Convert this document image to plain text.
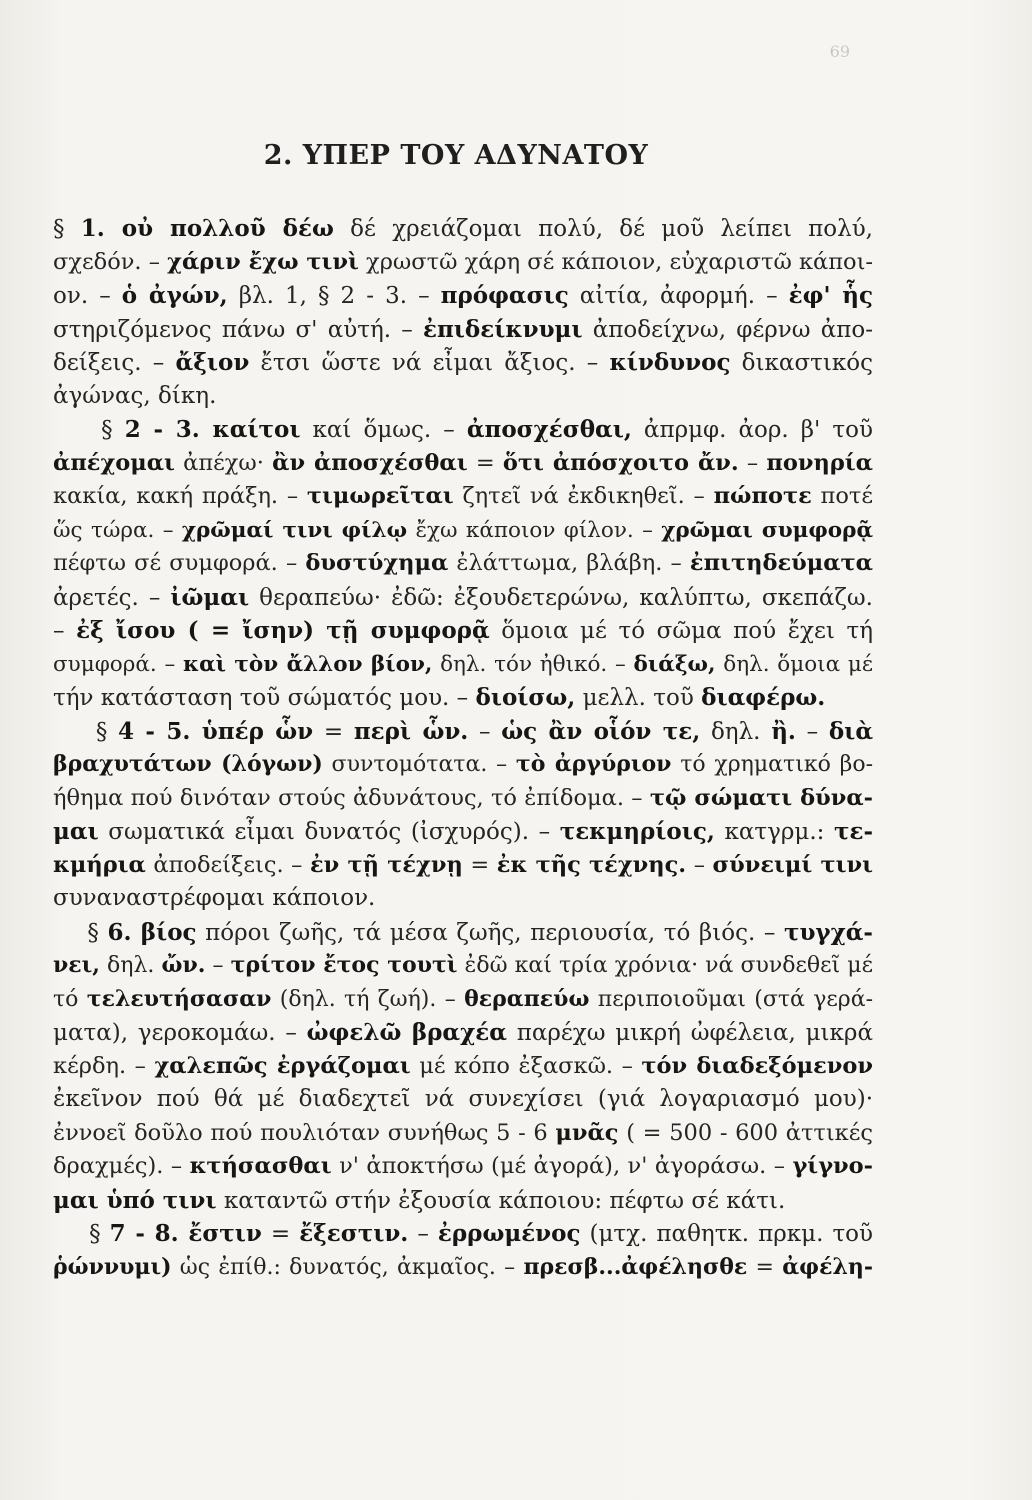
69
2. ΥΠΕΡ ΤΟΥ ΑΔΥΝΑΤΟΥ
§ 1. οὐ πολλοῦ δέω δέ χρειάζομαι πολύ, δέ μοῦ λείπει πολύ,
σχεδόν. – χάριν ἔχω τινὶ χρωστῶ χάρη σέ κάποιον, εὐχαριστῶ κάποι-
ον. – ὁ ἀγών, βλ. 1, § 2 - 3. – πρόφασις αἰτία, ἀφορμή. – ἐφ' ἧς
στηριζόμενος πάνω σ' αὐτή. – ἐπιδείκνυμι ἀποδείχνω, φέρνω ἀπο-
δείξεις. – ἄξιον ἔτσι ὥστε νά εἶμαι ἄξιος. – κίνδυνος δικαστικός
ἀγώνας, δίκη.
§ 2 - 3. καίτοι καί ὅμως. – ἀποσχέσθαι, ἀπρμφ. ἀορ. β' τοῦ
ἀπέχομαι ἀπέχω· ἂν ἀποσχέσθαι = ὅτι ἀπόσχοιτο ἄν. – πονηρία
κακία, κακή πράξη. – τιμωρεῖται ζητεῖ νά ἐκδικηθεῖ. – πώποτε ποτέ
ὥς τώρα. – χρῶμαί τινι φίλῳ ἔχω κάποιον φίλον. – χρῶμαι συμφορᾷ
πέφτω σέ συμφορά. – δυστύχημα ἐλάττωμα, βλάβη. – ἐπιτηδεύματα
ἀρετές. – ἰῶμαι θεραπεύω· ἐδῶ: ἐξουδετερώνω, καλύπτω, σκεπάζω.
– ἐξ ἴσου ( = ἴσην) τῇ συμφορᾷ ὅμοια μέ τό σῶμα πού ἔχει τή
συμφορά. – καὶ τὸν ἄλλον βίον, δηλ. τόν ἠθικό. – διάξω, δηλ. ὅμοια μέ
τήν κατάσταση τοῦ σώματός μου. – διοίσω, μελλ. τοῦ διαφέρω.
§ 4 - 5. ὑπέρ ὧν = περὶ ὧν. – ὡς ἂν οἷόν τε, δηλ. ἢ. – διὰ
βραχυτάτων (λόγων) συντομότατα. – τὸ ἀργύριον τό χρηματικό βο-
ήθημα πού δινόταν στούς ἀδυνάτους, τό ἐπίδομα. – τῷ σώματι δύνα-
μαι σωματικά εἶμαι δυνατός (ἰσχυρός). – τεκμηρίοις, κατγρμ.: τε-
κμήρια ἀποδείξεις. – ἐν τῇ τέχνῃ = ἐκ τῆς τέχνης. – σύνειμί τινι
συναναστρέφομαι κάποιον.
§ 6. βίος πόροι ζωῆς, τά μέσα ζωῆς, περιουσία, τό βιός. – τυγχά-
νει, δηλ. ὤν. – τρίτον ἔτος τουτὶ ἐδῶ καί τρία χρόνια· νά συνδεθεῖ μέ
τό τελευτήσασαν (δηλ. τή ζωή). – θεραπεύω περιποιοῦμαι (στά γερά-
ματα), γεροκομάω. – ὠφελῶ βραχέα παρέχω μικρή ὠφέλεια, μικρά
κέρδη. – χαλεπῶς ἐργάζομαι μέ κόπο ἐξασκῶ. – τόν διαδεξόμενον
ἐκεῖνον πού θά μέ διαδεχτεῖ νά συνεχίσει (γιά λογαριασμό μου)·
ἐννοεῖ δοῦλο πού πουλιόταν συνήθως 5 - 6 μνᾶς ( = 500 - 600 ἀττικές
δραχμές). – κτήσασθαι ν' ἀποκτήσω (μέ ἀγορά), ν' ἀγοράσω. – γίγνο-
μαι ὑπό τινι καταντῶ στήν ἐξουσία κάποιου: πέφτω σέ κάτι.
§ 7 - 8. ἔστιν = ἔξεστιν. – ἐρρωμένος (μτχ. παθητκ. πρκμ. τοῦ
ῥώννυμι) ὡς ἐπίθ.: δυνατός, ἀκμαῖος. – πρεσβ...ἀφέλησθε = ἀφέλη-
